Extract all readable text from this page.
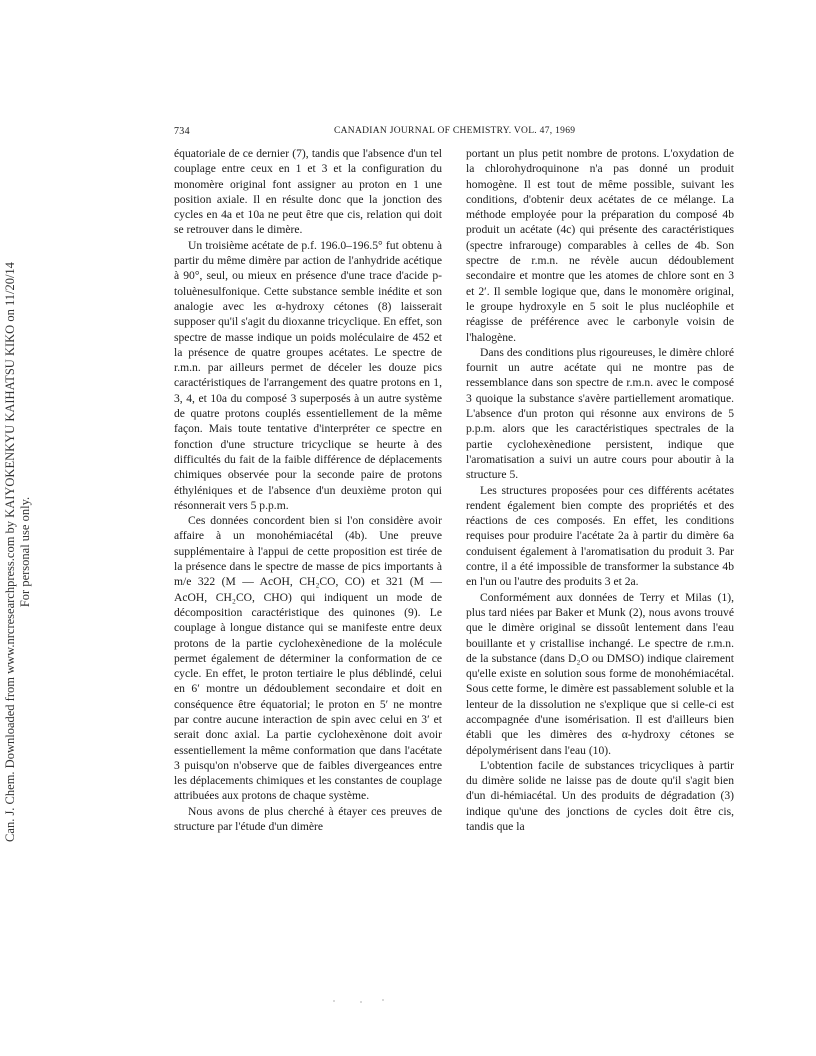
Can. J. Chem. Downloaded from www.nrcresearchpress.com by KAIYOKENKYU KAIHATSU KIKO on 11/20/14 For personal use only.
734	CANADIAN JOURNAL OF CHEMISTRY. VOL. 47, 1969

équatoriale de ce dernier (7), tandis que l'absence d'un tel couplage entre ceux en 1 et 3 et la configuration du monomère original font assigner au proton en 1 une position axiale. Il en résulte donc que la jonction des cycles en 4a et 10a ne peut être que cis, relation qui doit se retrouver dans le dimère.

Un troisième acétate de p.f. 196.0–196.5° fut obtenu à partir du même dimère par action de l'anhydride acétique à 90°, seul, ou mieux en présence d'une trace d'acide p-toluènesulfonique. Cette substance semble inédite et son analogie avec les α-hydroxy cétones (8) laisserait supposer qu'il s'agit du dioxanne tricyclique. En effet, son spectre de masse indique un poids moléculaire de 452 et la présence de quatre groupes acétates. Le spectre de r.m.n. par ailleurs permet de déceler les douze pics caractéristiques de l'arrangement des quatre protons en 1, 3, 4, et 10a du composé 3 superposés à un autre système de quatre protons couplés essentiellement de la même façon. Mais toute tentative d'interpréter ce spectre en fonction d'une structure tricyclique se heurte à des difficultés du fait de la faible différence de déplacements chimiques observée pour la seconde paire de protons éthyléniques et de l'absence d'un deuxième proton qui résonnerait vers 5 p.p.m.

Ces données concordent bien si l'on considère avoir affaire à un monohémiacétal (4b). Une preuve supplémentaire à l'appui de cette proposition est tirée de la présence dans le spectre de masse de pics importants à m/e 322 (M — AcOH, CH₂CO, CO) et 321 (M — AcOH, CH₂CO, CHO) qui indiquent un mode de décomposition caractéristique des quinones (9). Le couplage à longue distance qui se manifeste entre deux protons de la partie cyclohexènedione de la molécule permet également de déterminer la conformation de ce cycle. En effet, le proton tertiaire le plus déblindé, celui en 6′ montre un dédoublement secondaire et doit en conséquence être équatorial; le proton en 5′ ne montre par contre aucune interaction de spin avec celui en 3′ et serait donc axial. La partie cyclohexènone doit avoir essentiellement la même conformation que dans l'acétate 3 puisqu'on n'observe que de faibles divergeances entre les déplacements chimiques et les constantes de couplage attribuées aux protons de chaque système.

Nous avons de plus cherché à étayer ces preuves de structure par l'étude d'un dimère

portant un plus petit nombre de protons. L'oxydation de la chlorohydroquinone n'a pas donné un produit homogène. Il est tout de même possible, suivant les conditions, d'obtenir deux acétates de ce mélange. La méthode employée pour la préparation du composé 4b produit un acétate (4c) qui présente des caractéristiques (spectre infrarouge) comparables à celles de 4b. Son spectre de r.m.n. ne révèle aucun dédoublement secondaire et montre que les atomes de chlore sont en 3 et 2′. Il semble logique que, dans le monomère original, le groupe hydroxyle en 5 soit le plus nucléophile et réagisse de préférence avec le carbonyle voisin de l'halogène.

Dans des conditions plus rigoureuses, le dimère chloré fournit un autre acétate qui ne montre pas de ressemblance dans son spectre de r.m.n. avec le composé 3 quoique la substance s'avère partiellement aromatique. L'absence d'un proton qui résonne aux environs de 5 p.p.m. alors que les caractéristiques spectrales de la partie cyclohexènedione persistent, indique que l'aromatisation a suivi un autre cours pour aboutir à la structure 5.

Les structures proposées pour ces différents acétates rendent également bien compte des propriétés et des réactions de ces composés. En effet, les conditions requises pour produire l'acétate 2a à partir du dimère 6a conduisent également à l'aromatisation du produit 3. Par contre, il a été impossible de transformer la substance 4b en l'un ou l'autre des produits 3 et 2a.

Conformément aux données de Terry et Milas (1), plus tard niées par Baker et Munk (2), nous avons trouvé que le dimère original se dissoût lentement dans l'eau bouillante et y cristallise inchangé. Le spectre de r.m.n. de la substance (dans D₂O ou DMSO) indique clairement qu'elle existe en solution sous forme de monohémiacétal. Sous cette forme, le dimère est passablement soluble et la lenteur de la dissolution ne s'explique que si celle-ci est accompagnée d'une isomérisation. Il est d'ailleurs bien établi que les dimères des α-hydroxy cétones se dépolymérisent dans l'eau (10).

L'obtention facile de substances tricycliques à partir du dimère solide ne laisse pas de doute qu'il s'agit bien d'un di-hémiacétal. Un des produits de dégradation (3) indique qu'une des jonctions de cycles doit être cis, tandis que la
